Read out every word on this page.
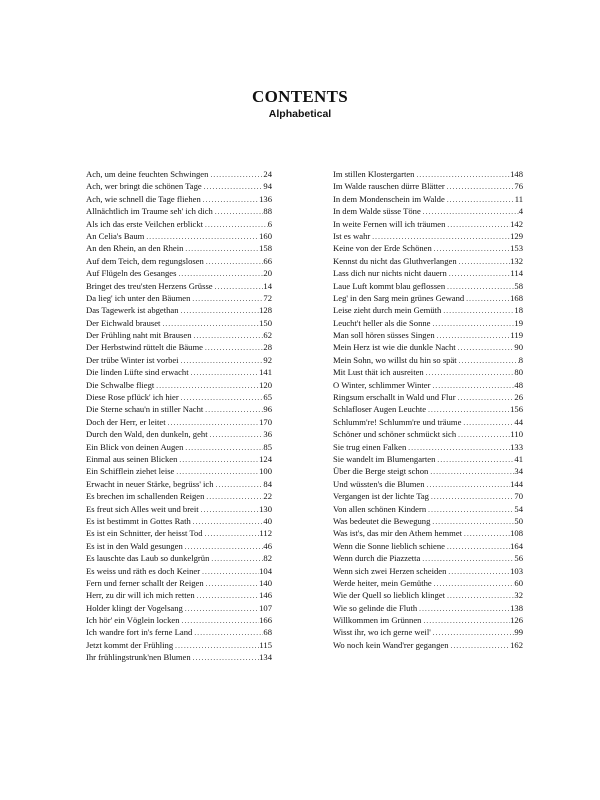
CONTENTS
Alphabetical
Ach, um deine feuchten Schwingen .....	24
Ach, wer bringt die schönen Tage .....	94
Ach, wie schnell die Tage fliehen .....	136
Allnächtlich im Traume seh' ich dich .....	88
Als ich das erste Veilchen erblickt .....	6
An Celia's Baum .....	160
An den Rhein, an den Rhein .....	158
Auf dem Teich, dem regungslosen .....	66
Auf Flügeln des Gesanges .....	20
Bringet des treu'sten Herzens Grüsse .....	14
Da lieg' ich unter den Bäumen .....	72
Das Tagewerk ist abgethan .....	128
Der Eichwald brauset .....	150
Der Frühling naht mit Brausen .....	62
Der Herbstwind rüttelt die Bäume .....	28
Der trübe Winter ist vorbei .....	92
Die linden Lüfte sind erwacht .....	141
Die Schwalbe fliegt .....	120
Diese Rose pflück' ich hier .....	65
Die Sterne schau'n in stiller Nacht .....	96
Doch der Herr, er leitet .....	170
Durch den Wald, den dunkeln, geht .....	36
Ein Blick von deinen Augen .....	85
Einmal aus seinen Blicken .....	124
Ein Schifflein ziehet leise .....	100
Erwacht in neuer Stärke, begrüss' ich .....	84
Es brechen im schallenden Reigen .....	22
Es freut sich Alles weit und breit .....	130
Es ist bestimmt in Gottes Rath .....	40
Es ist ein Schnitter, der heisst Tod .....	112
Es ist in den Wald gesungen .....	46
Es lauschte das Laub so dunkelgrün .....	82
Es weiss und räth es doch Keiner .....	104
Fern und ferner schallt der Reigen .....	140
Herr, zu dir will ich mich retten .....	146
Holder klingt der Vogelsang .....	107
Ich hör' ein Vöglein locken .....	166
Ich wandre fort in's ferne Land .....	68
Jetzt kommt der Frühling .....	115
Ihr frühlingstrunk'nen Blumen .....	134
Im stillen Klostergarten .....	148
Im Walde rauschen dürre Blätter .....	76
In dem Mondenschein im Walde .....	11
In dem Walde süsse Töne .....	4
In weite Fernen will ich träumen .....	142
Ist es wahr .....	129
Keine von der Erde Schönen .....	153
Kennst du nicht das Gluthverlangen .....	132
Lass dich nur nichts nicht dauern .....	114
Laue Luft kommt blau geflossen .....	58
Leg' in den Sarg mein grünes Gewand .....	168
Leise zieht durch mein Gemüth .....	18
Leucht't heller als die Sonne .....	19
Man soll hören süsses Singen .....	119
Mein Herz ist wie die dunkle Nacht .....	90
Mein Sohn, wo willst du hin so spät .....	8
Mit Lust thät ich ausreiten .....	80
O Winter, schlimmer Winter .....	48
Ringsum erschallt in Wald und Flur .....	26
Schlafloser Augen Leuchte .....	156
Schlumm're! Schlumm're und träume .....	44
Schöner und schöner schmückt sich .....	110
Sie trug einen Falken .....	133
Sie wandelt im Blumengarten .....	41
Über die Berge steigt schon .....	34
Und wüssten's die Blumen .....	144
Vergangen ist der lichte Tag .....	70
Von allen schönen Kindern .....	54
Was bedeutet die Bewegung .....	50
Was ist's, das mir den Athem hemmet .....	108
Wenn die Sonne lieblich schiene .....	164
Wenn durch die Piazzetta .....	56
Wenn sich zwei Herzen scheiden .....	103
Werde heiter, mein Gemüthe .....	60
Wie der Quell so lieblich klinget .....	32
Wie so gelinde die Fluth .....	138
Willkommen im Grünnen .....	126
Wisst ihr, wo ich gerne weil' .....	99
Wo noch kein Wand'rer gegangen .....	162
